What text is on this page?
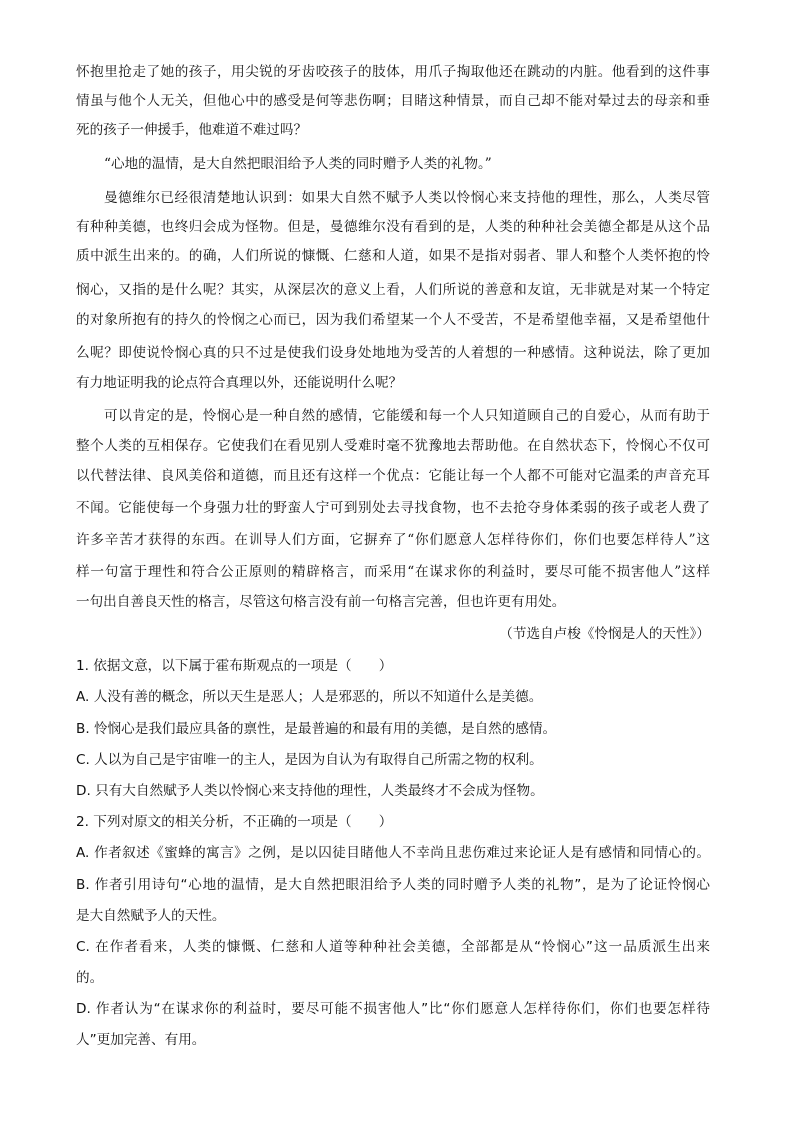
怀抱里抢走了她的孩子，用尖锐的牙齿咬孩子的肢体，用爪子掏取他还在跳动的内脏。他看到的这件事

情虽与他个人无关，但他心中的感受是何等悲伤啊；目睹这种情景，而自己却不能对晕过去的母亲和垂

死的孩子一伸援手，他难道不难过吗？

“心地的温情，是大自然把眼泪给予人类的同时赠予人类的礼物。”

曼德维尔已经很清楚地认识到：如果大自然不赋予人类以怜悯心来支持他的理性，那么，人类尽管

有种种美德，也终归会成为怪物。但是，曼德维尔没有看到的是，人类的种种社会美德全都是从这个品

质中派生出来的。的确，人们所说的慷慨、仁慈和人道，如果不是指对弱者、罪人和整个人类怀抱的怜

悯心，又指的是什么呢？其实，从深层次的意义上看，人们所说的善意和友谊，无非就是对某一个特定

的对象所抱有的持久的怜悯之心而已，因为我们希望某一个人不受苦，不是希望他幸福，又是希望他什

么呢？即使说怜悯心真的只不过是使我们设身处地地为受苦的人着想的一种感情。这种说法，除了更加

有力地证明我的论点符合真理以外，还能说明什么呢？

可以肯定的是，怜悯心是一种自然的感情，它能缓和每一个人只知道顾自己的自爱心，从而有助于

整个人类的互相保存。它使我们在看见别人受难时毫不犹豫地去帮助他。在自然状态下，怜悯心不仅可

以代替法律、良风美俗和道德，而且还有这样一个优点：它能让每一个人都不可能对它温柔的声音充耳

不闻。它能使每一个身强力壮的野蛮人宁可到别处去寻找食物，也不去抢夺身体柔弱的孩子或老人费了

许多辛苦才获得的东西。在训导人们方面，它摒弃了“你们愿意人怎样待你们，你们也要怎样待人”这

样一句富于理性和符合公正原则的精辟格言，而采用“在谋求你的利益时，要尽可能不损害他人”这样

一句出自善良天性的格言，尽管这句格言没有前一句格言完善，但也许更有用处。

（节选自卢梭《怜悯是人的天性》）

1. 依据文意，以下属于霍布斯观点的一项是（　　）

A. 人没有善的概念，所以天生是恶人；人是邪恶的，所以不知道什么是美德。

B. 怜悯心是我们最应具备的禀性，是最普遍的和最有用的美德，是自然的感情。

C. 人以为自己是宇宙唯一的主人，是因为自认为有取得自己所需之物的权利。

D. 只有大自然赋予人类以怜悯心来支持他的理性，人类最终才不会成为怪物。

2. 下列对原文的相关分析，不正确的一项是（　　）

A. 作者叙述《蜜蜂的寓言》之例，是以囚徒目睹他人不幸尚且悲伤难过来论证人是有感情和同情心的。

B. 作者引用诗句“心地的温情，是大自然把眼泪给予人类的同时赠予人类的礼物”，是为了论证怜悯心

是大自然赋予人的天性。

C. 在作者看来，人类的慷慨、仁慈和人道等种种社会美德，全部都是从“怜悯心”这一品质派生出来

的。

D. 作者认为“在谋求你的利益时，要尽可能不损害他人”比“你们愿意人怎样待你们，你们也要怎样待

人”更加完善、有用。
